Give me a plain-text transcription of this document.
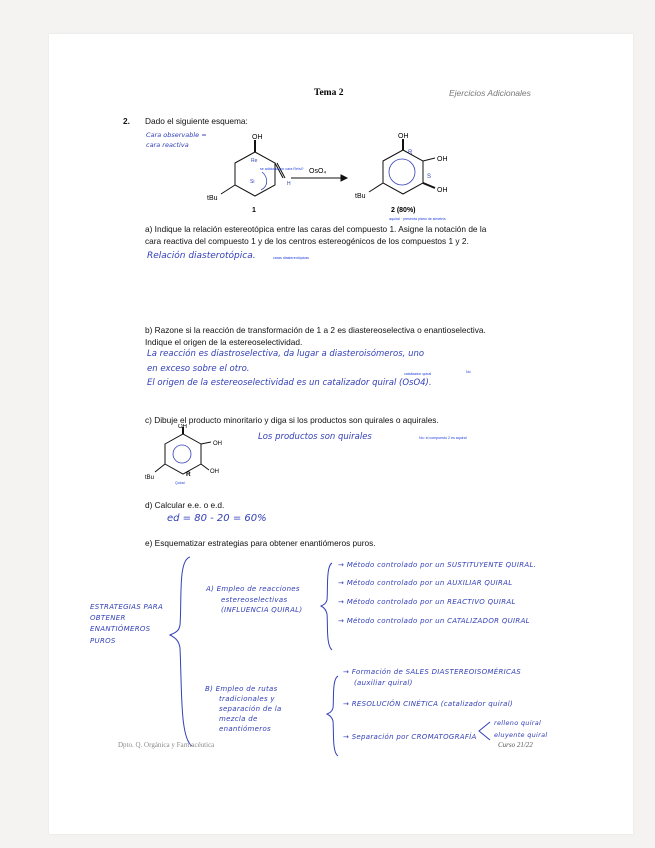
Tema 2	Ejercicios Adicionales
2. Dado el siguiente esquema:
Cara observable =
cara reactiva
OH
tBu
H
Si
Re
1
se adiciona por cara Re/si? OsO₄
OH
OH
OH
tBu
R
S
2 (80%)
aquiral · presenta plano de simetría
a) Indique la relación estereotópica entre las caras del compuesto 1. Asigne la notación de la
cara reactiva del compuesto 1 y de los centros estereogénicos de los compuestos 1 y 2.
Relación diasterotópica.	caras diastereotópicas
b) Razone si la reacción de transformación de 1 a 2 es diastereoselectiva o enantioselectiva.
Indique el origen de la estereoselectividad.
La reacción es diastroselectiva, da lugar a diasteroisómeros, uno
en exceso sobre el otro.
El origen de la estereoselectividad es un catalizador quiral (OsO4).
catalizador quiral	No
c) Dibuje el producto minoritario y diga si los productos son quirales o aquirales.
OH
OH
OH
tBu	R
Quiral
Los productos son quirales	No: el compuesto 2 es aquiral
d) Calcular e.e. o e.d.
ed = 80 - 20 = 60%
e) Esquematizar estrategias para obtener enantiómeros puros.
ESTRATEGIAS PARA
OBTENER
ENANTIÓMEROS
PUROS
A) Empleo de reacciones
estereoselectivas
(INFLUENCIA QUIRAL)
→ Método controlado por un SUSTITUYENTE QUIRAL.
→ Método controlado por un AUXILIAR QUIRAL
→ Método controlado por un REACTIVO QUIRAL
→ Método controlado por un CATALIZADOR QUIRAL
B) Empleo de rutas
tradicionales y
separación de la
mezcla de
enantiómeros
→ Formación de SALES DIASTEREOISOMÉRICAS
(auxiliar quiral)
→ RESOLUCIÓN CINÉTICA (catalizador quiral)
→ Separación por CROMATOGRAFÍA
relleno quiral
eluyente quiral
Dpto. Q. Orgánica y Farmacéutica	Curso 21/22
